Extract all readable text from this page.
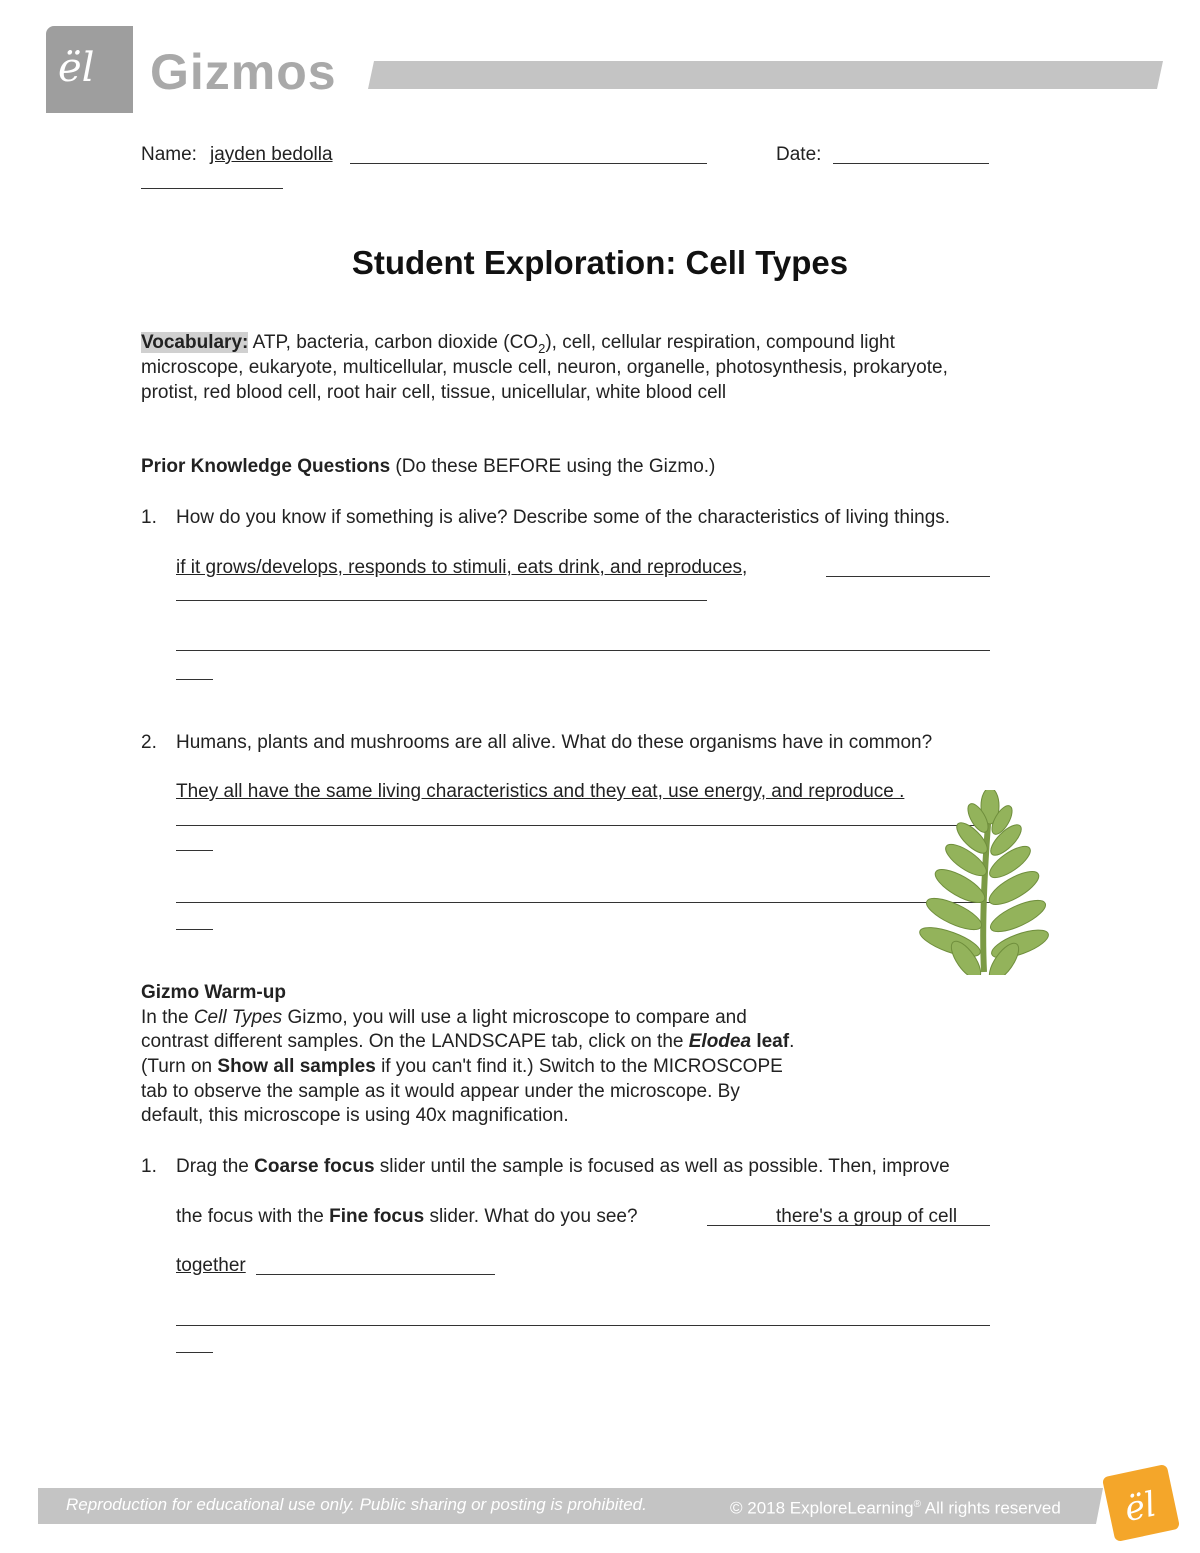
ël Gizmos
Name: jayden bedolla	Date:
Student Exploration: Cell Types
Vocabulary: ATP, bacteria, carbon dioxide $(CO_2)$, cell, cellular respiration, compound light
microscope, eukaryote, multicellular, muscle cell, neuron, organelle, photosynthesis, prokaryote,
protist, red blood cell, root hair cell, tissue, unicellular, white blood cell
Prior Knowledge Questions (Do these BEFORE using the Gizmo.)
1. How do you know if something is alive? Describe some of the characteristics of living things.
if it grows/develops, responds to stimuli, eats drink, and reproduces,
2. Humans, plants and mushrooms are all alive. What do these organisms have in common?
They all have the same living characteristics and they eat, use energy, and reproduce .
Gizmo Warm-up
In the Cell Types Gizmo, you will use a light microscope to compare and
contrast different samples. On the LANDSCAPE tab, click on the Elodea leaf.
(Turn on Show all samples if you can't find it.) Switch to the MICROSCOPE
tab to observe the sample as it would appear under the microscope. By
default, this microscope is using 40x magnification.
1. Drag the Coarse focus slider until the sample is focused as well as possible. Then, improve
the focus with the Fine focus slider. What do you see?	there's a group of cell
together
Reproduction for educational use only. Public sharing or posting is prohibited.	© 2018 ExploreLearning® All rights reserved ël
